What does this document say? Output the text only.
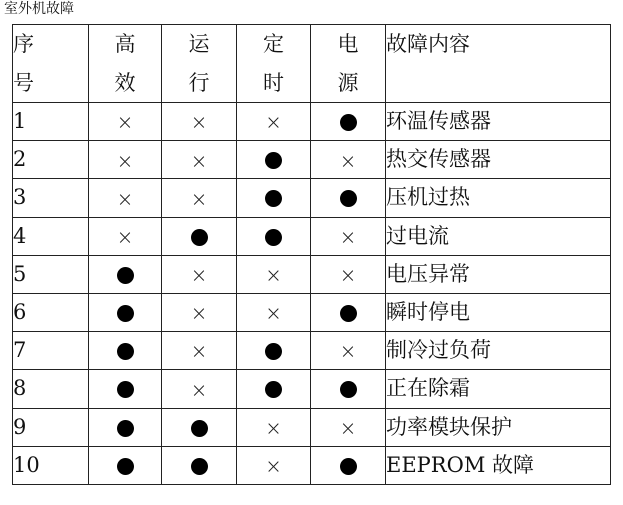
室外机故障
序	高	运	定	电	故障内容
号	效	行	时	源	
1	×	×	×		环温传感器
2	×	×		×	热交传感器
3	×	×			压机过热
4	×			×	过电流
5		×	×	×	电压异常
6		×	×		瞬时停电
7		×		×	制冷过负荷
8		×			正在除霜
9			×	×	功率模块保护
10			×		EEPROM 故障
